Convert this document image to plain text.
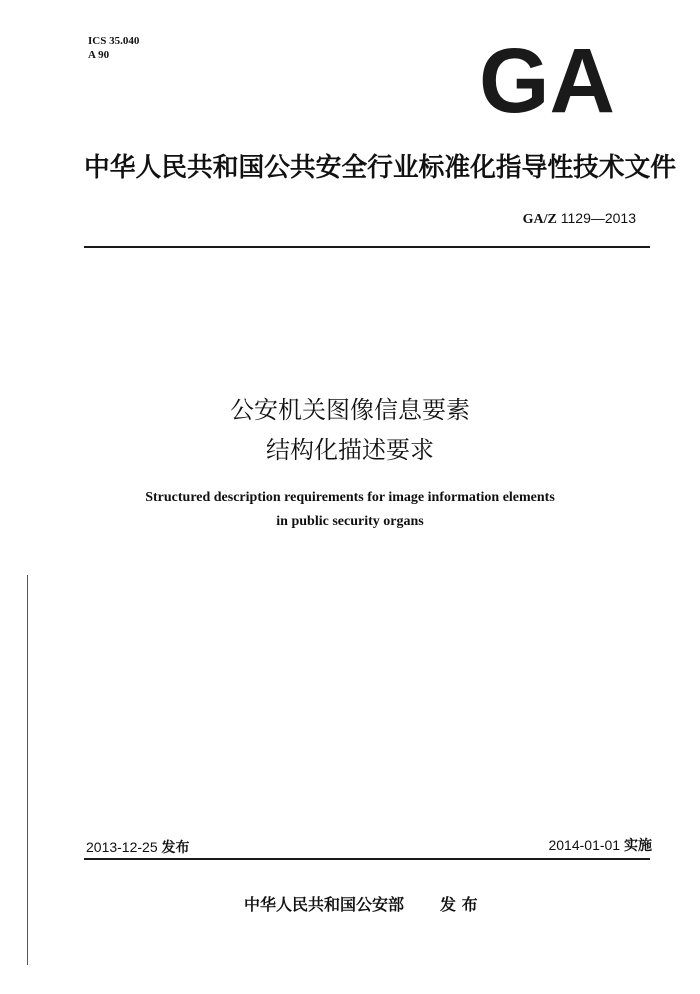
ICS 35.040
A 90	GA
中华人民共和国公共安全行业标准化指导性技术文件
GA/Z 1129—2013
公安机关图像信息要素
结构化描述要求
Structured description requirements for image information elements
in public security organs
2013-12-25 发布	2014-01-01 实施
中华人民共和国公安部 发 布
